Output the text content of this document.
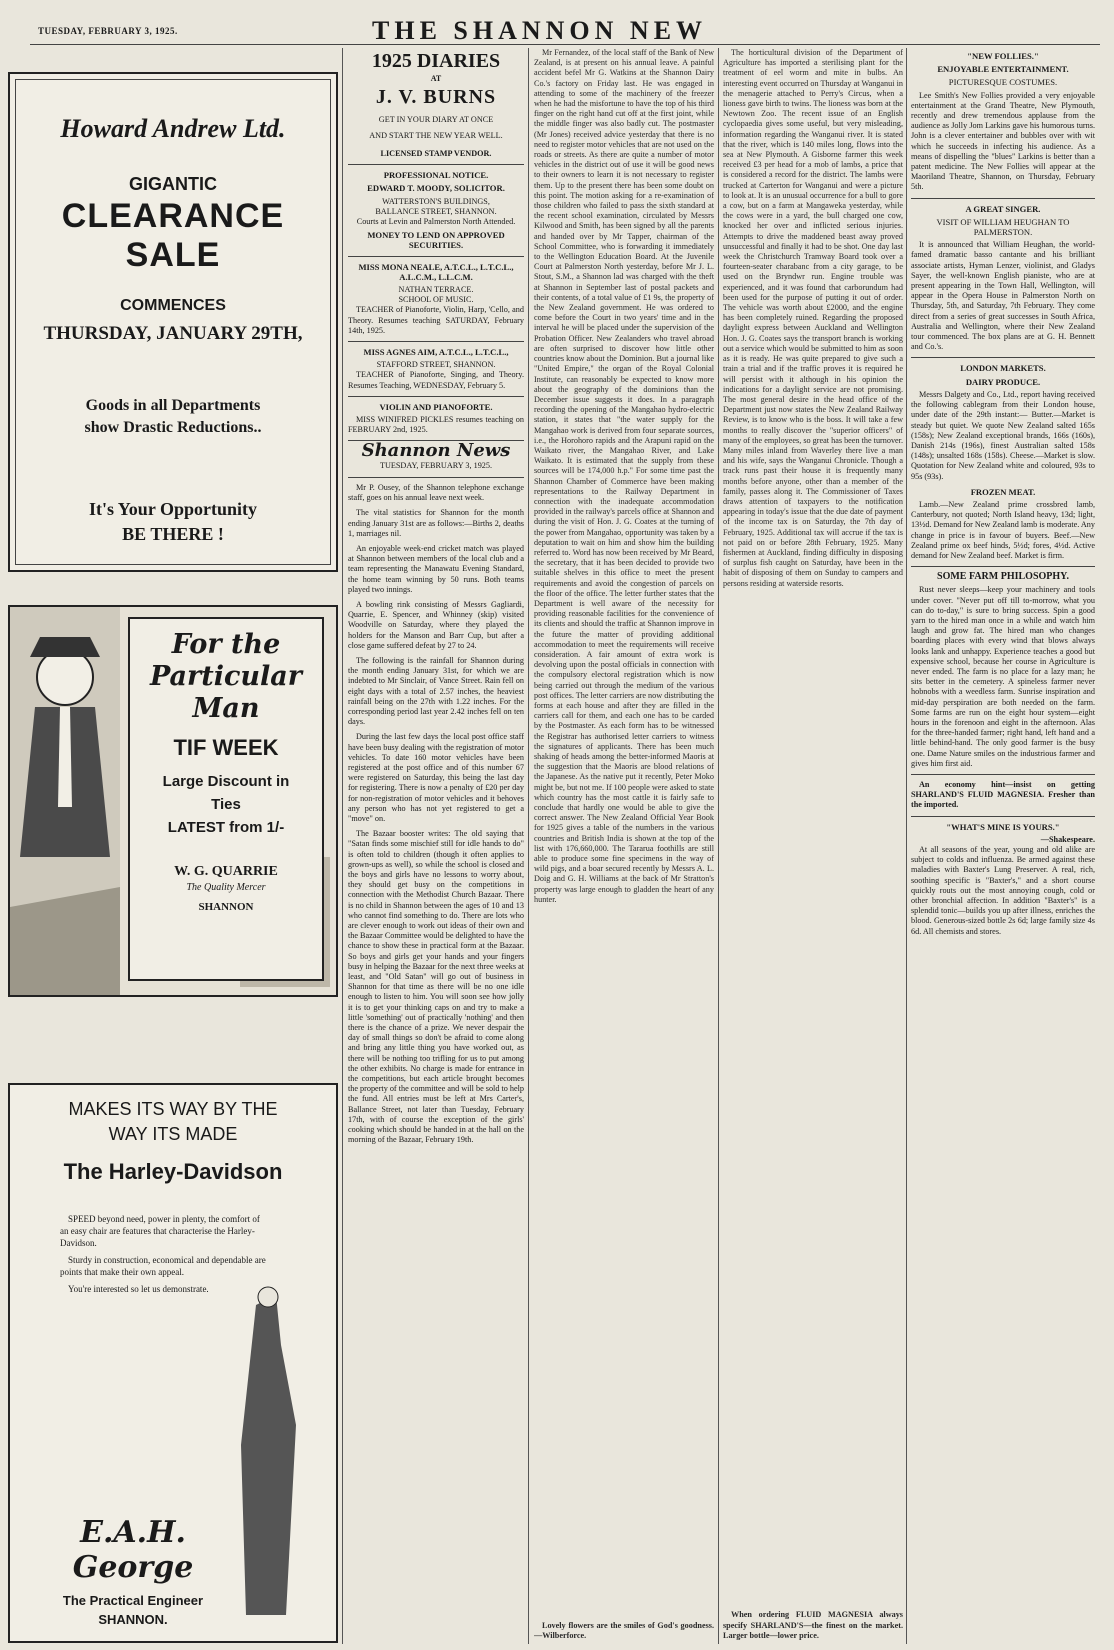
TUESDAY, FEBRUARY 3, 1925.	THE SHANNON NEW
Howard Andrew Ltd.
GIGANTIC
CLEARANCE SALE
COMMENCES
THURSDAY, JANUARY 29TH,
Goods in all Departments show Drastic Reductions..
It's Your Opportunity
BE THERE !
For the Particular Man
TIF WEEK
Large Discount in
Ties
LATEST from 1/-
W. G. QUARRIE
The Quality Mercer
SHANNON
MAKES ITS WAY BY THE
WAY ITS MADE
The Harley-Davidson

SPEED beyond need, power in plenty, the comfort of an easy chair are features that characterise the Harley-Davidson.

Sturdy in construction, economical and dependable are points that make their own appeal.

You're interested so let us demonstrate.

E.A.H. George
The Practical Engineer
SHANNON.
1925 DIARIES
AT
J. V. BURNS
GET IN YOUR DIARY AT ONCE
AND START THE NEW YEAR WELL.
LICENSED STAMP VENDOR.
PROFESSIONAL NOTICE.
EDWARD T. MOODY, SOLICITOR.
WATTERSTON'S BUILDINGS,
BALLANCE STREET, SHANNON.
Courts at Levin and Palmerston North Attended.
MONEY TO LEND ON APPROVED SECURITIES.
MISS MONA NEALE, A.T.C.L., L.T.C.L., A.L.C.M., L.L.C.M.
NATHAN TERRACE.
SCHOOL OF MUSIC.

TEACHER of Pianoforte, Violin, Harp, 'Cello, and Theory. Resumes teaching SATURDAY, February 14th, 1925.

MISS AGNES AIM, A.T.C.L., L.T.C.L.,
STAFFORD STREET, SHANNON.

TEACHER of Pianoforte, Singing, and Theory. Resumes Teaching, WEDNESDAY, February 5.

VIOLIN AND PIANOFORTE.

MISS WINIFRED PICKLES resumes teaching on FEBRUARY 2nd, 1925.

Shannon News
TUESDAY, FEBRUARY 3, 1925.

Mr P. Ousey, of the Shannon telephone exchange staff, goes on his annual leave next week.

The vital statistics for Shannon for the month ending January 31st are as follows:—Births 2, deaths 1, marriages nil.

An enjoyable week-end cricket match was played at Shannon between members of the local club and a team representing the Manawatu Evening Standard, the home team winning by 50 runs. Both teams played two innings.

A bowling rink consisting of Messrs Gagliardi, Quarrie, E. Spencer, and Whinney (skip) visited Woodville on Saturday, where they played the holders for the Manson and Barr Cup, but after a close game suffered defeat by 27 to 24.

The following is the rainfall for Shannon during the month ending January 31st, for which we are indebted to Mr Sinclair, of Vance Street. Rain fell on eight days with a total of 2.57 inches, the heaviest rainfall being on the 27th with 1.22 inches. For the corresponding period last year 2.42 inches fell on ten days.

During the last few days the local post office staff have been busy dealing with the registration of motor vehicles. To date 160 motor vehicles have been registered at the post office and of this number 67 were registered on Saturday, this being the last day for registering. There is now a penalty of £20 per day for non-registration of motor vehicles and it behoves any person who has not yet registered to get a "move" on.

The Bazaar booster writes: The old saying that "Satan finds some mischief still for idle hands to do" is often told to children (though it often applies to grown-ups as well), so while the school is closed and the boys and girls have no lessons to worry about, they should get busy on the competitions in connection with the Methodist Church Bazaar. There is no child in Shannon between the ages of 10 and 13 who cannot find something to do. There are lots who are clever enough to work out ideas of their own and the Bazaar Committee would be delighted to have the chance to show these in practical form at the Bazaar. So boys and girls get your hands and your fingers busy in helping the Bazaar for the next three weeks at least, and "Old Satan" will go out of business in Shannon for that time as there will be no one idle enough to listen to him. You will soon see how jolly it is to get your thinking caps on and try to make a little 'something' out of practically 'nothing' and then there is the chance of a prize. We never despair the day of small things so don't be afraid to come along and bring any little thing you have worked out, as there will be nothing too trifling for us to put among the other exhibits. No charge is made for entrance in the competitions, but each article brought becomes the property of the committee and will be sold to help the fund. All entries must be left at Mrs Carter's, Ballance Street, not later than Tuesday, February 17th, with of course the exception of the girls' cooking which should be handed in at the hall on the morning of the Bazaar, February 19th.

Mr Fernandez, of the local staff of the Bank of New Zealand, is at present on his annual leave. A painful accident befel Mr G. Watkins at the Shannon Dairy Co.'s factory on Friday last. He was engaged in attending to some of the machinery of the freezer when he had the misfortune to have the top of his third finger on the right hand cut off at the first joint, while the middle finger was also badly cut. The postmaster (Mr Jones) received advice yesterday that there is no need to register motor vehicles that are not used on the roads or streets. As there are quite a number of motor vehicles in the district out of use it will be good news to their owners to learn it is not necessary to register them. Up to the present there has been some doubt on this point. The motion asking for a re-examination of those children who failed to pass the sixth standard at the recent school examination, circulated by Messrs Kilwood and Smith, has been signed by all the parents and handed over by Mr Tapper, chairman of the School Committee, who is forwarding it immediately to the Wellington Education Board. At the Juvenile Court at Palmerston North yesterday, before Mr J. L. Stout, S.M., a Shannon lad was charged with the theft at Shannon in September last of postal packets and their contents, of a total value of £1 9s, the property of the New Zealand government. He was ordered to come before the Court in two years' time and in the interval he will be placed under the supervision of the Probation Officer. New Zealanders who travel abroad are often surprised to discover how little other countries know about the Dominion. But a journal like "United Empire," the organ of the Royal Colonial Institute, can reasonably be expected to know more about the geography of the dominions than the December issue suggests it does. In a paragraph recording the opening of the Mangahao hydro-electric station, it states that "the water supply for the Mangahao work is derived from four separate sources, i.e., the Horohoro rapids and the Arapuni rapid on the Waikato river, the Mangahao River, and Lake Waikato. It is estimated that the supply from these sources will be 174,000 h.p." For some time past the Shannon Chamber of Commerce have been making representations to the Railway Department in connection with the inadequate accommodation provided in the railway's parcels office at Shannon and during the visit of Hon. J. G. Coates at the turning of the power from Mangahao, opportunity was taken by a deputation to wait on him and show him the building referred to. Word has now been received by Mr Beard, the secretary, that it has been decided to provide two suitable shelves in this office to meet the present requirements and avoid the congestion of parcels on the floor of the office. The letter further states that the Department is well aware of the necessity for providing reasonable facilities for the convenience of its clients and should the traffic at Shannon improve in the future the matter of providing additional accommodation to meet the requirements will receive consideration. A fair amount of extra work is devolving upon the postal officials in connection with the compulsory electoral registration which is now being carried out through the medium of the various post offices. The letter carriers are now distributing the forms at each house and after they are filled in the carriers call for them, and each one has to be carded by the Postmaster. As each form has to be witnessed the Registrar has authorised letter carriers to witness the signatures of applicants. There has been much shaking of heads among the better-informed Maoris at the suggestion that the Maoris are blood relations of the Japanese. As the native put it recently, Peter Moko might be, but not me. If 100 people were asked to state which country has the most cattle it is fairly safe to conclude that hardly one would be able to give the correct answer. The New Zealand Official Year Book for 1925 gives a table of the numbers in the various countries and British India is shown at the top of the list with 176,660,000. The Tararua foothills are still able to produce some fine specimens in the way of wild pigs, and a boar secured recently by Messrs A. L. Doig and G. H. Williams at the back of Mr Stratton's property was large enough to gladden the heart of any hunter.

Lovely flowers are the smiles of God's goodness.—Wilberforce.

The horticultural division of the Department of Agriculture has imported a sterilising plant for the treatment of eel worm and mite in bulbs. An interesting event occurred on Thursday at Wanganui in the menagerie attached to Perry's Circus, when a lioness gave birth to twins. The lioness was born at the Newtown Zoo. The recent issue of an English cyclopaedia gives some useful, but very misleading, information regarding the Wanganui river. It is stated that the river, which is 140 miles long, flows into the sea at New Plymouth. A Gisborne farmer this week received £3 per head for a mob of lambs, a price that is considered a record for the district. The lambs were trucked at Carterton for Wanganui and were a picture to look at. It is an unusual occurrence for a bull to gore a cow, but on a farm at Mangaweka yesterday, while the cows were in a yard, the bull charged one cow, knocked her over and inflicted serious injuries. Attempts to drive the maddened beast away proved unsuccessful and finally it had to be shot. One day last week the Christchurch Tramway Board took over a fourteen-seater charabanc from a city garage, to be used on the Bryndwr run. Engine trouble was experienced, and it was found that carborundum had been used for the purpose of putting it out of order. The vehicle was worth about £2000, and the engine has been completely ruined. Regarding the proposed daylight express between Auckland and Wellington Hon. J. G. Coates says the transport branch is working out a service which would be submitted to him as soon as it is ready. He was quite prepared to give such a train a trial and if the traffic proves it is required he will persist with it although in his opinion the indications for a daylight service are not promising. The most general desire in the head office of the Department just now states the New Zealand Railway Review, is to know who is the boss. It will take a few months to really discover the "superior officers" of many of the employees, so great has been the turnover. Many miles inland from Waverley there live a man and his wife, says the Wanganui Chronicle. Though a track runs past their house it is frequently many months before anyone, other than a member of the family, passes along it. The Commissioner of Taxes draws attention of taxpayers to the notification appearing in today's issue that the due date of payment of the income tax is on Saturday, the 7th day of February, 1925. Additional tax will accrue if the tax is not paid on or before 28th February, 1925. Many fishermen at Auckland, finding difficulty in disposing of surplus fish caught on Saturday, have been in the habit of disposing of them on Sunday to campers and persons residing at waterside resorts.

When ordering FLUID MAGNESIA always specify SHARLAND'S—the finest on the market. Larger bottle—lower price.

"NEW FOLLIES."
ENJOYABLE ENTERTAINMENT.
PICTURESQUE COSTUMES.

Lee Smith's New Follies provided a very enjoyable entertainment at the Grand Theatre, New Plymouth, recently and drew tremendous applause from the audience as Jolly Jom Larkins gave his humorous turns. John is a clever entertainer and bubbles over with wit which he succeeds in infecting his audience. As a means of dispelling the "blues" Larkins is better than a patent medicine. The New Follies will appear at the Maoriland Theatre, Shannon, on Thursday, February 5th.

A GREAT SINGER.
VISIT OF WILLIAM HEUGHAN TO PALMERSTON.

It is announced that William Heughan, the world-famed dramatic basso cantante and his brilliant associate artists, Hyman Lenzer, violinist, and Gladys Sayer, the well-known English pianiste, who are at present appearing in the Town Hall, Wellington, will appear in the Opera House in Palmerston North on Thursday, 5th, and Saturday, 7th February. They come direct from a series of great successes in South Africa, Australia and Wellington, where their New Zealand tour commenced. The box plans are at G. H. Bennett and Co.'s.

LONDON MARKETS.
DAIRY PRODUCE.

Messrs Dalgety and Co., Ltd., report having received the following cablegram from their London house, under date of the 29th instant:— Butter.—Market is steady but quiet. We quote New Zealand salted 165s (158s); New Zealand exceptional brands, 166s (160s), Danish 214s (196s), finest Australian salted 158s (148s); unsalted 168s (158s). Cheese.—Market is slow. Quotation for New Zealand white and coloured, 93s to 95s (93s).

FROZEN MEAT.

Lamb.—New Zealand prime crossbred lamb, Canterbury, not quoted; North Island heavy, 13d; light, 13½d. Demand for New Zealand lamb is moderate. Any change in price is in favour of buyers. Beef.—New Zealand prime ox beef hinds, 5½d; fores, 4½d. Active demand for New Zealand beef. Market is firm.

SOME FARM PHILOSOPHY.

Rust never sleeps—keep your machinery and tools under cover. "Never put off till to-morrow, what you can do to-day," is sure to bring success. Spin a good yarn to the hired man once in a while and watch him laugh and grow fat. The hired man who changes boarding places with every wind that blows always looks lank and unhappy. Experience teaches a good but expensive school, because her course in Agriculture is never ended. The farm is no place for a lazy man; he sits better in the cemetery. A spineless farmer never hobnobs with a weedless farm. Sunrise inspiration and mid-day perspiration are both needed on the farm. Some farms are run on the eight hour system—eight hours in the forenoon and eight in the afternoon. Alas for the three-handed farmer; right hand, left hand and a little behind-hand. The only good farmer is the busy one. Dame Nature smiles on the industrious farmer and gives him first aid.

An economy hint—insist on getting SHARLAND'S FLUID MAGNESIA. Fresher than the imported.

"WHAT'S MINE IS YOURS."
—Shakespeare.

At all seasons of the year, young and old alike are subject to colds and influenza. Be armed against these maladies with Baxter's Lung Preserver. A real, rich, soothing specific is "Baxter's," and a short course quickly routs out the most annoying cough, cold or other bronchial affection. In addition "Baxter's" is a splendid tonic—builds you up after illness, enriches the blood. Generous-sized bottle 2s 6d; large family size 4s 6d. All chemists and stores.
